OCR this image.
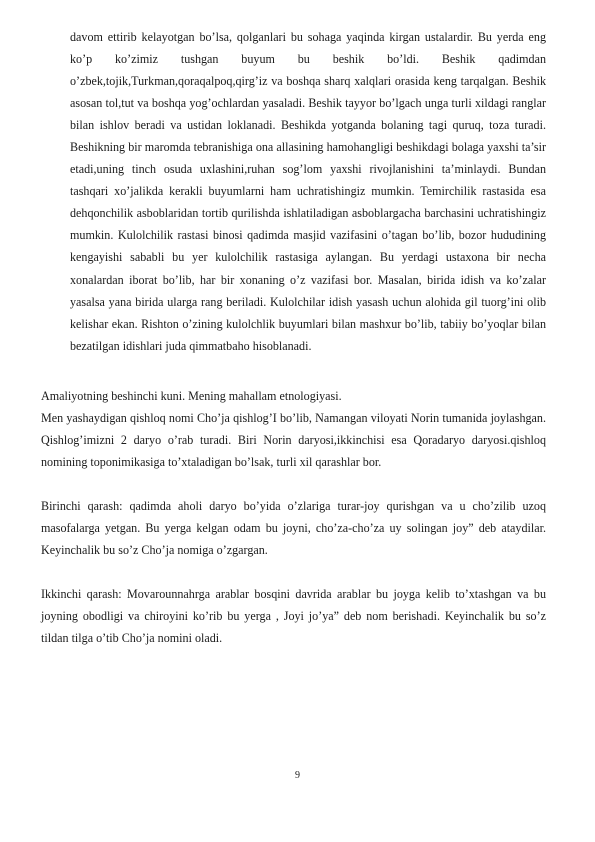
davom ettirib kelayotgan bo’lsa, qolganlari bu sohaga yaqinda kirgan ustalardir. Bu yerda eng ko’p ko’zimiz tushgan buyum bu beshik bo’ldi. Beshik qadimdan o’zbek,tojik,Turkman,qoraqalpoq,qirg’iz va boshqa sharq xalqlari orasida keng tarqalgan. Beshik asosan tol,tut va boshqa yog’ochlardan yasaladi. Beshik tayyor bo’lgach unga turli xildagi ranglar bilan ishlov beradi va ustidan loklanadi. Beshikda yotganda bolaning tagi quruq, toza turadi. Beshikning bir maromda tebranishiga ona allasining hamohangligi beshikdagi bolaga yaxshi ta’sir etadi,uning tinch osuda uxlashini,ruhan sog’lom yaxshi rivojlanishini ta’minlaydi. Bundan tashqari xo’jalikda kerakli buyumlarni ham uchratishingiz mumkin. Temirchilik rastasida esa dehqonchilik asboblaridan tortib qurilishda ishlatiladigan asboblargacha barchasini uchratishingiz mumkin. Kulolchilik rastasi binosi qadimda masjid vazifasini o’tagan bo’lib, bozor hududining kengayishi sababli bu yer kulolchilik rastasiga aylangan. Bu yerdagi ustaxona bir necha xonalardan iborat bo’lib, har bir xonaning o’z vazifasi bor. Masalan, birida idish va ko’zalar yasalsa yana birida ularga rang beriladi. Kulolchilar idish yasash uchun alohida gil tuorg’ini olib kelishar ekan. Rishton o’zining kulolchlik buyumlari bilan mashxur bo’lib, tabiiy bo’yoqlar bilan bezatilgan idishlari juda qimmatbaho hisoblanadi.
Amaliyotning beshinchi kuni. Mening mahallam etnologiyasi.
Men yashaydigan qishloq nomi Cho’ja qishlog’I bo’lib, Namangan viloyati Norin tumanida joylashgan. Qishlog’imizni 2 daryo o’rab turadi. Biri Norin daryosi,ikkinchisi esa Qoradaryo daryosi.qishloq nomining toponimikasiga to’xtaladigan bo’lsak, turli xil qarashlar bor.
Birinchi qarash: qadimda aholi daryo bo’yida o’zlariga turar-joy qurishgan va u cho’zilib uzoq masofalarga yetgan. Bu yerga kelgan odam bu joyni, cho’za-cho’za uy solingan joy” deb ataydilar. Keyinchalik bu so’z Cho’ja nomiga o’zgargan.
Ikkinchi qarash: Movarounnahrga arablar bosqini davrida arablar bu joyga kelib to’xtashgan va bu joyning obodligi va chiroyini ko’rib bu yerga , Joyi jo’ya” deb nom berishadi. Keyinchalik bu so’z tildan tilga o’tib Cho’ja nomini oladi.
9
